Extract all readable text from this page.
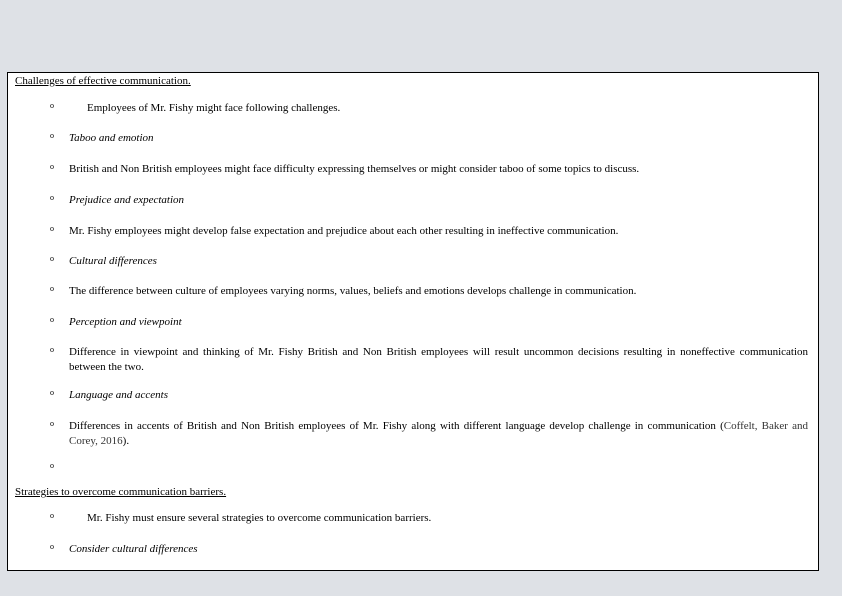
Challenges of effective communication.
o	Employees of Mr. Fishy might face following challenges.
o Taboo and emotion
o British and Non British employees might face difficulty expressing themselves or might consider taboo of some topics to discuss.
o Prejudice and expectation
o Mr. Fishy employees might develop false expectation and prejudice about each other resulting in ineffective communication.
o Cultural differences
o The difference between culture of employees varying norms, values, beliefs and emotions develops challenge in communication.
o Perception and viewpoint
o Difference in viewpoint and thinking of Mr. Fishy British and Non British employees will result uncommon decisions resulting in noneffective communication between the two.
o Language and accents
o Differences in accents of British and Non British employees of Mr. Fishy along with different language develop challenge in communication (Coffelt, Baker and Corey, 2016).
o
Strategies to overcome communication barriers.
o	Mr. Fishy must ensure several strategies to overcome communication barriers.
o Consider cultural differences
